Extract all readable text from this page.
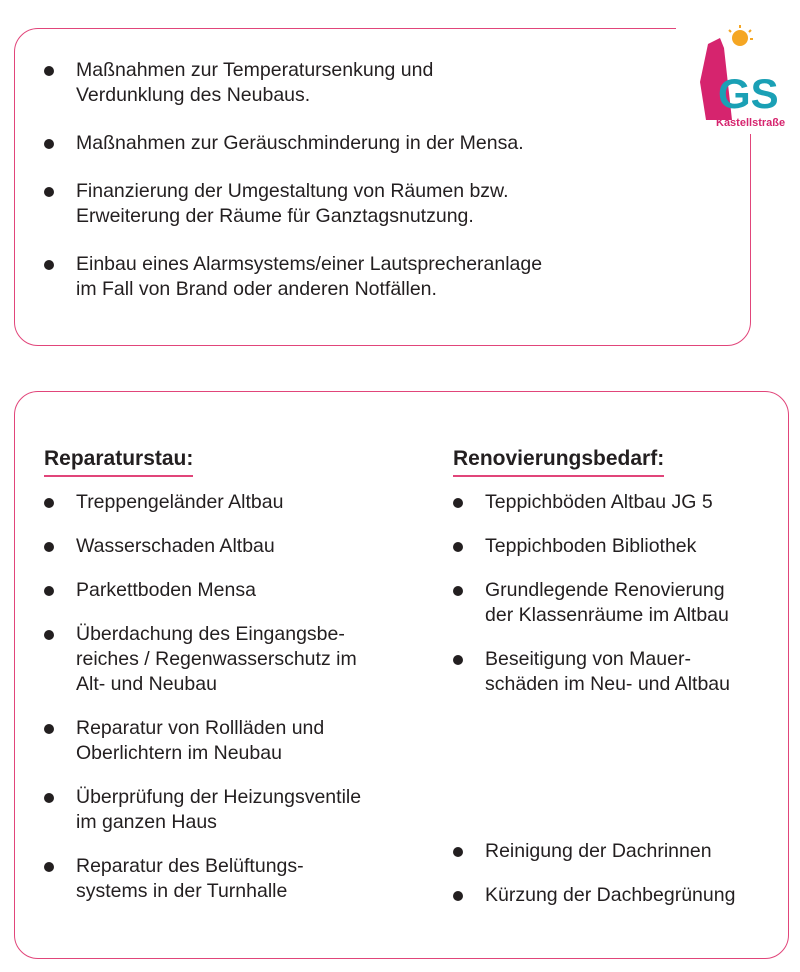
GS
Kastellstraße
Maßnahmen zur Temperatursenkung und
Verdunklung des Neubaus.
Maßnahmen zur Geräuschminderung in der Mensa.
Finanzierung der Umgestaltung von Räumen bzw.
Erweiterung der Räume für Ganztagsnutzung.
Einbau eines Alarmsystems/einer Lautsprecheranlage
im Fall von Brand oder anderen Notfällen.
Reparaturstau:	Renovierungsbedarf:
Treppengeländer Altbau
Wasserschaden Altbau
Parkettboden Mensa
Überdachung des Eingangsbe-
reiches / Regenwasserschutz im
Alt- und Neubau
Reparatur von Rollläden und
Oberlichtern im Neubau
Überprüfung der Heizungsventile
im ganzen Haus
Reparatur des Belüftungs-
systems in der Turnhalle
Teppichböden Altbau JG 5
Teppichboden Bibliothek
Grundlegende Renovierung
der Klassenräume im Altbau
Beseitigung von Mauer-
schäden im Neu- und Altbau
Reinigung der Dachrinnen
Kürzung der Dachbegrünung
